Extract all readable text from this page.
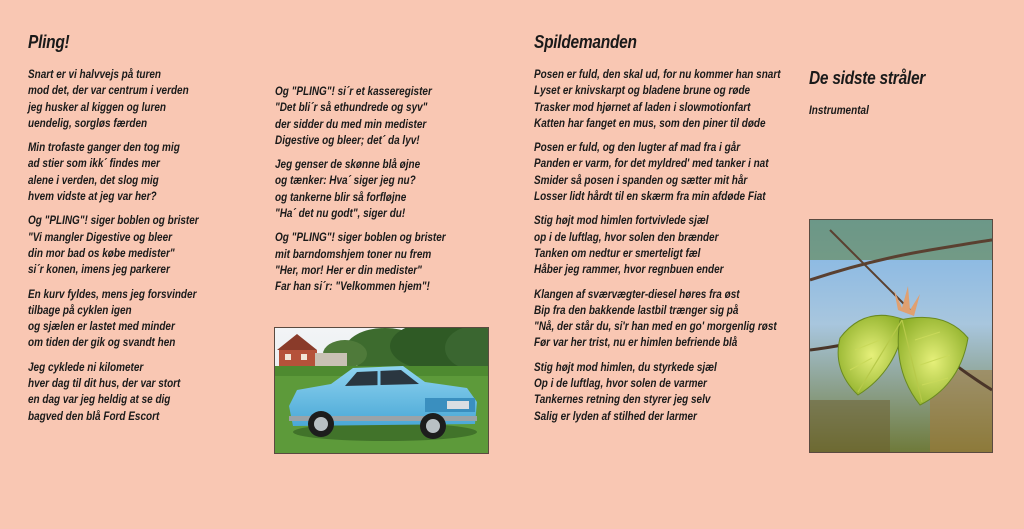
Pling!
Snart er vi halvvejs på turen
mod det, der var centrum i verden
jeg husker al kiggen og luren
uendelig, sorgløs færden
Min trofaste ganger den tog mig
ad stier som ikk´ findes mer
alene i verden, det slog mig
hvem vidste at jeg var her?
Og "PLING"! siger boblen og brister
"Vi mangler Digestive og bleer
din mor bad os købe medister"
si´r konen, imens jeg parkerer
En kurv fyldes, mens jeg forsvinder
tilbage på cyklen igen
og sjælen er lastet med minder
om tiden der gik og svandt hen
Jeg cyklede ni kilometer
hver dag til dit hus, der var stort
en dag var jeg heldig at se dig
bagved den blå Ford Escort
Og "PLING"! si´r et kasseregister
"Det bli´r så ethundrede og syv"
der sidder du med min medister
Digestive og bleer; det´ da lyv!
Jeg genser de skønne blå øjne
og tænker: Hva´ siger jeg nu?
og tankerne blir så forfløjne
"Ha´ det nu godt", siger du!
Og "PLING"! siger boblen og brister
mit barndomshjem toner nu frem
"Her, mor! Her er din medister"
Far han si´r: "Velkommen hjem"!
Spildemanden
Posen er fuld, den skal ud, for nu kommer han snart
Lyset er knivskarpt og bladene brune og røde
Trasker mod hjørnet af laden i slowmotionfart
Katten har fanget en mus, som den piner til døde
Posen er fuld, og den lugter af mad fra i går
Panden er varm, for det myldred' med tanker i nat
Smider så posen i spanden og sætter mit hår
Losser lidt hårdt til en skærm fra min afdøde Fiat
Stig højt mod himlen fortvivlede sjæl
op i de luftlag, hvor solen den brænder
Tanken om nedtur er smerteligt fæl
Håber jeg rammer, hvor regnbuen ender
Klangen af sværvægter-diesel høres fra øst
Bip fra den bakkende lastbil trænger sig på
"Nå, der står du, si'r han med en go' morgenlig røst
Før var her trist, nu er himlen befriende blå
Stig højt mod himlen, du styrkede sjæl
Op i de luftlag, hvor solen de varmer
Tankernes retning den styrer jeg selv
Salig er lyden af stilhed der larmer
De sidste stråler
Instrumental
